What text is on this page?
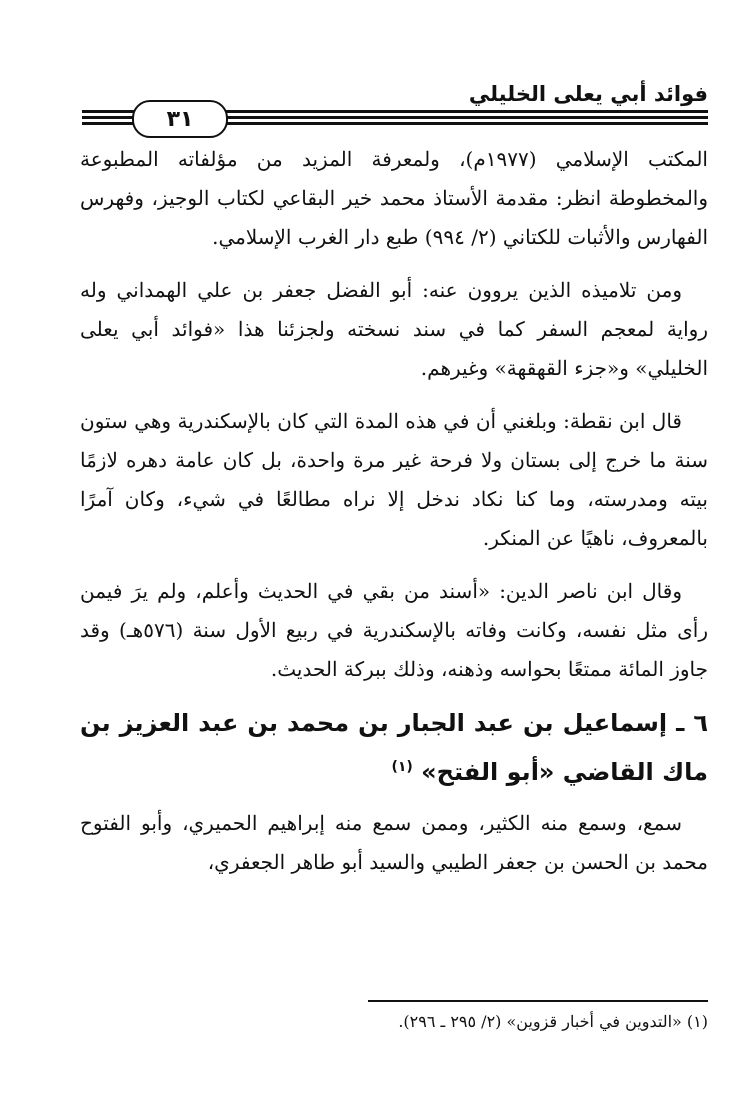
فوائد أبي يعلى الخليلي
٣١

المكتب الإسلامي (١٩٧٧م)، ولمعرفة المزيد من مؤلفاته المطبوعة والمخطوطة انظر: مقدمة الأستاذ محمد خير البقاعي لكتاب الوجيز، وفهرس الفهارس والأثبات للكتاني (٢/ ٩٩٤) طبع دار الغرب الإسلامي.

ومن تلاميذه الذين يروون عنه: أبو الفضل جعفر بن علي الهمداني وله رواية لمعجم السفر كما في سند نسخته ولجزئنا هذا «فوائد أبي يعلى الخليلي» و«جزء القهقهة» وغيرهم.

قال ابن نقطة: وبلغني أن في هذه المدة التي كان بالإسكندرية وهي ستون سنة ما خرج إلى بستان ولا فرحة غير مرة واحدة، بل كان عامة دهره لازمًا بيته ومدرسته، وما كنا نكاد ندخل إلا نراه مطالعًا في شيء، وكان آمرًا بالمعروف، ناهيًا عن المنكر.

وقال ابن ناصر الدين: «أسند من بقي في الحديث وأعلم، ولم يرَ فيمن رأى مثل نفسه، وكانت وفاته بالإسكندرية في ربيع الأول سنة (٥٧٦هـ) وقد جاوز المائة ممتعًا بحواسه وذهنه، وذلك ببركة الحديث.

٦ ـ إسماعيل بن عبد الجبار بن محمد بن عبد العزيز بن ماك القاضي «أبو الفتح» $^{(١)}$

سمع، وسمع منه الكثير، وممن سمع منه إبراهيم الحميري، وأبو الفتوح محمد بن الحسن بن جعفر الطيبي والسيد أبو طاهر الجعفري،

(١) «التدوين في أخبار قزوين» (٢/ ٢٩٥ ـ ٢٩٦).
